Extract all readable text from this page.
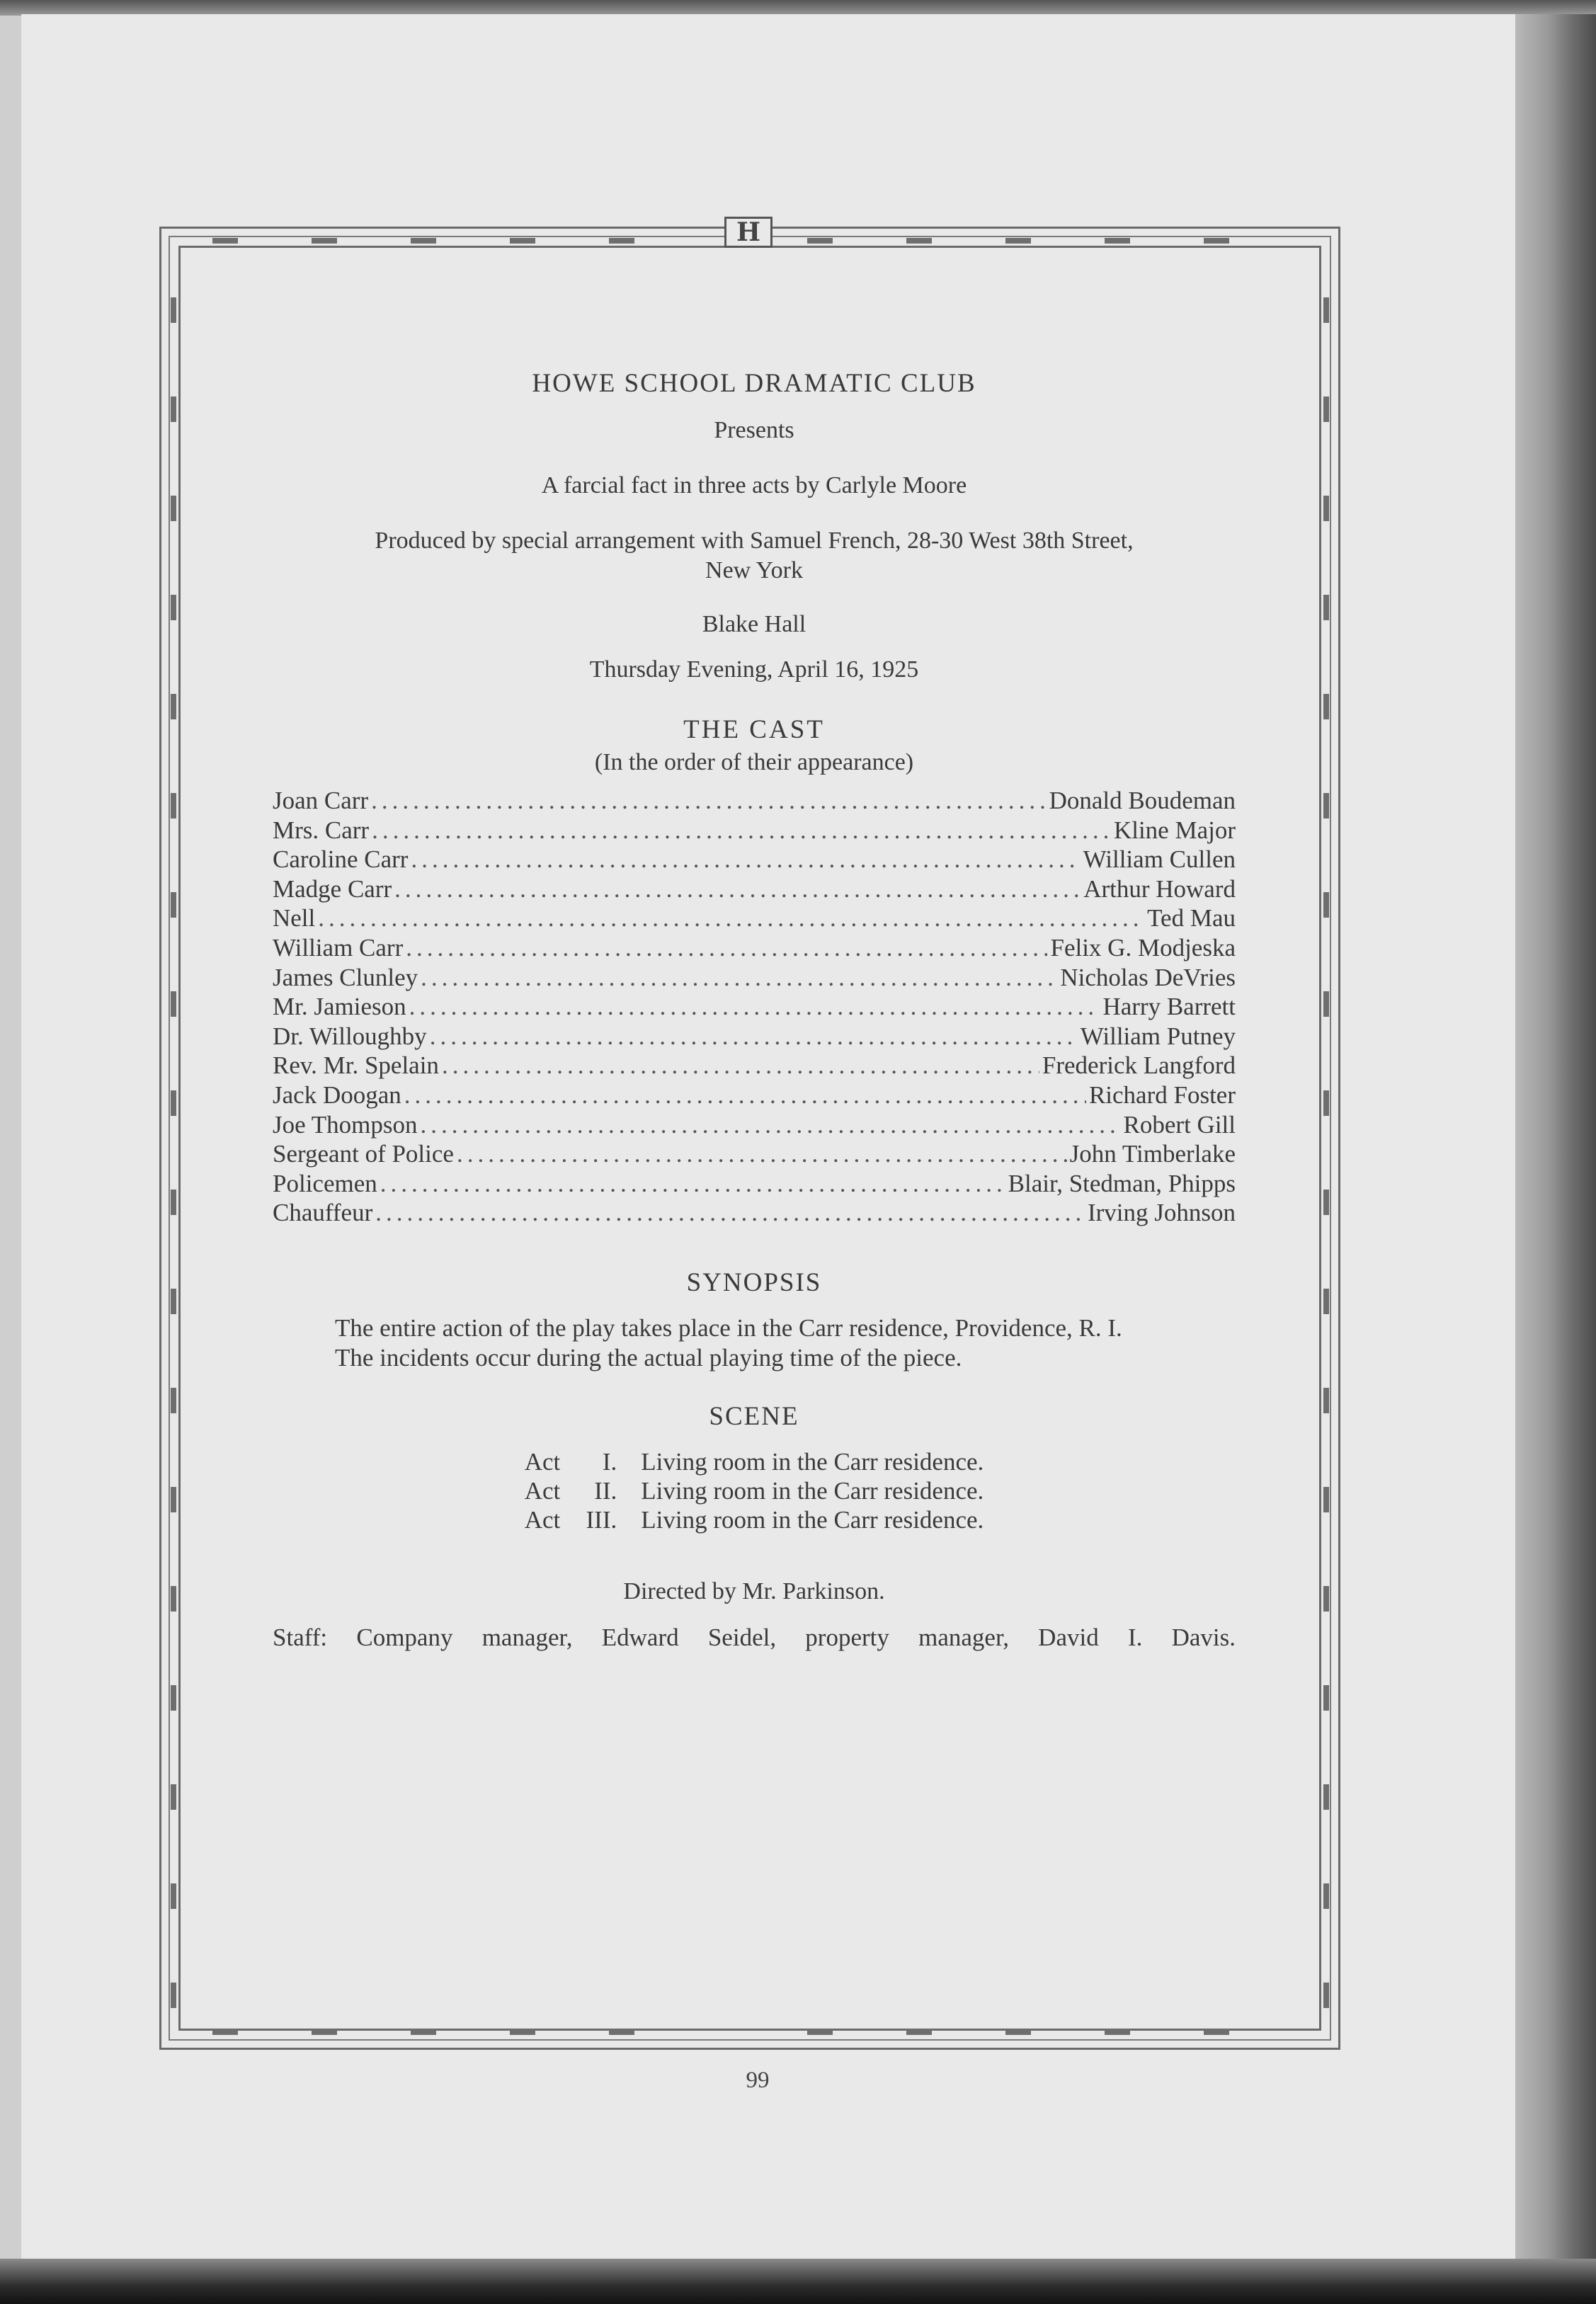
H

HOWE SCHOOL DRAMATIC CLUB

Presents

A farcial fact in three acts by Carlyle Moore

Produced by special arrangement with Samuel French, 28-30 West 38th Street,
New York

Blake Hall

Thursday Evening, April 16, 1925

THE CAST

(In the order of their appearance)

Joan Carr .....	Donald Boudeman
Mrs. Carr .....	Kline Major
Caroline Carr .....	William Cullen
Madge Carr .....	Arthur Howard
Nell .....	Ted Mau
William Carr .....	Felix G. Modjeska
James Clunley .....	Nicholas DeVries
Mr. Jamieson .....	Harry Barrett
Dr. Willoughby .....	William Putney
Rev. Mr. Spelain .....	Frederick Langford
Jack Doogan .....	Richard Foster
Joe Thompson .....	Robert Gill
Sergeant of Police .....	John Timberlake
Policemen .....	Blair, Stedman, Phipps
Chauffeur .....	Irving Johnson

SYNOPSIS

The entire action of the play takes place in the Carr residence, Providence, R. I.

The incidents occur during the actual playing time of the piece.

SCENE

Act	I.	Living room in the Carr residence.
Act	II.	Living room in the Carr residence.
Act	III.	Living room in the Carr residence.

Directed by Mr. Parkinson.

Staff: Company manager, Edward Seidel, property manager, David I. Davis.

99
